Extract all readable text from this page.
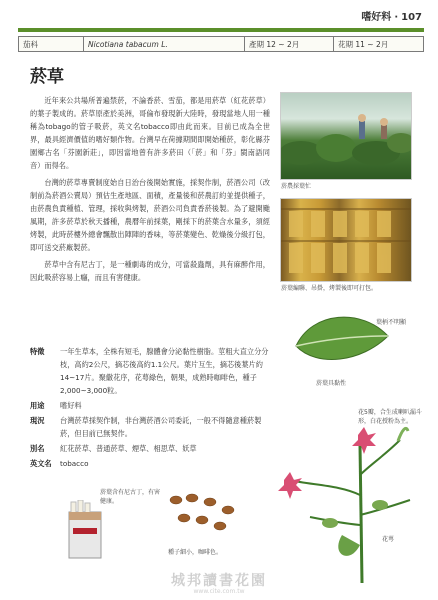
嗜好料 · 107
茄科	Nicotiana tabacum L.	產期 12 ~ 2月	花期 11 ~ 2月
菸草

近年來公共場所普遍禁菸，不論香菸、雪茄，都是用菸草（紅花菸草）的葉子製成的。菸草原產於美洲，哥倫布發現新大陸時，發現當地人用一種稱為tobago的管子吸菸，英文名tobacco即由此而來。目前已成為全世界，最具經濟價值的嗜好類作物。台灣早在荷據期間即開始種菸，彰化縣芬園鄉古名「芬園新莊」，即因當地曾有許多菸田（「菸」和「芬」閩南語同音）而得名。

台灣的菸草專賣制度始自日治台後開始實施，採契作制，菸酒公司（改制前為菸酒公賣局）預估生產地區、面積，產量後和菸農訂約並提供種子，由菸農負責種植、管理，採收與烤製，菸酒公司負責香菸後製。為了避開颱風期，許多菸草於秋天播種，農曆年前採葉，剛採下的菸葉含水量多，須經烤製，此時菸樓外總會飄散出陣陣的香味，等菸葉變色、乾燥後分級打包，即可送交菸廠製菸。

菸草中含有尼古丁，是一種劇毒的成分，可當殺蟲劑，具有麻醉作用，因此吸菸容易上癮，而且有害健康。

特徵	一年生草本，全株有短毛，腺體會分泌黏性樹脂。莖粗大直立分分枝，高約2公尺，摘芯後高約1.1公尺。葉片互生，摘芯後葉片約14~17片。聚繖花序，花萼綠色，朝果，成熟時咖啡色，種子2,000~3,000粒。
用途	嗜好料
現況	台灣菸草採契作制，非台灣菸酒公司委託，一般不得隨意種菸製菸，但目前已無契作。
別名	紅花菸草、普通菸草、煙草、相思草、妖草
英文名	tobacco
菸農採葉忙
菸葉編聯、吊掛，烤製後即可打包。
葉柄不明顯
菸葉具黏性
花5瓣，合生成喇叭漏斗形，白花授粉為主。
花萼
菸葉含有尼古丁，有害健康。
種子細小，咖啡色。
城邦讀書花園
www.cite.com.tw
